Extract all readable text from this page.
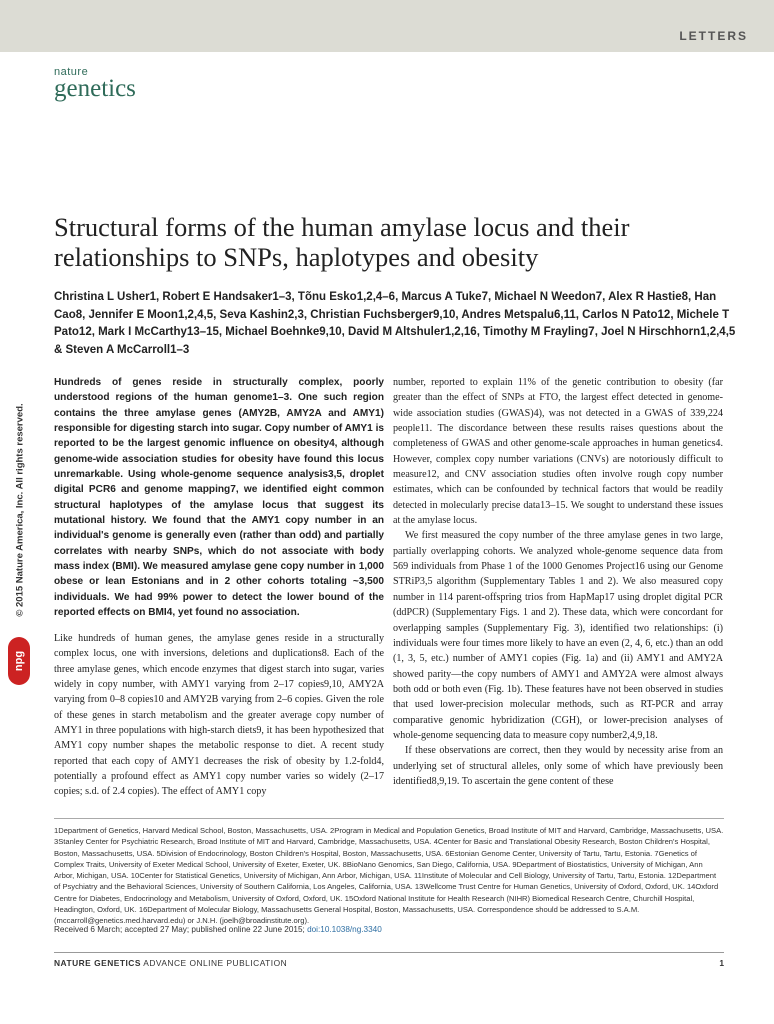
LETTERS
nature
genetics
Structural forms of the human amylase locus and their relationships to SNPs, haplotypes and obesity
Christina L Usher1, Robert E Handsaker1–3, Tõnu Esko1,2,4–6, Marcus A Tuke7, Michael N Weedon7, Alex R Hastie8, Han Cao8, Jennifer E Moon1,2,4,5, Seva Kashin2,3, Christian Fuchsberger9,10, Andres Metspalu6,11, Carlos N Pato12, Michele T Pato12, Mark I McCarthy13–15, Michael Boehnke9,10, David M Altshuler1,2,16, Timothy M Frayling7, Joel N Hirschhorn1,2,4,5 & Steven A McCarroll1–3
© 2015 Nature America, Inc. All rights reserved.
npg

Hundreds of genes reside in structurally complex, poorly understood regions of the human genome1–3. One such region contains the three amylase genes (AMY2B, AMY2A and AMY1) responsible for digesting starch into sugar. Copy number of AMY1 is reported to be the largest genomic influence on obesity4, although genome-wide association studies for obesity have found this locus unremarkable. Using whole-genome sequence analysis3,5, droplet digital PCR6 and genome mapping7, we identified eight common structural haplotypes of the amylase locus that suggest its mutational history. We found that the AMY1 copy number in an individual's genome is generally even (rather than odd) and partially correlates with nearby SNPs, which do not associate with body mass index (BMI). We measured amylase gene copy number in 1,000 obese or lean Estonians and in 2 other cohorts totaling ~3,500 individuals. We had 99% power to detect the lower bound of the reported effects on BMI4, yet found no association.

Like hundreds of human genes, the amylase genes reside in a structurally complex locus, one with inversions, deletions and duplications8. Each of the three amylase genes, which encode enzymes that digest starch into sugar, varies widely in copy number, with AMY1 varying from 2–17 copies9,10, AMY2A varying from 0–8 copies10 and AMY2B varying from 2–6 copies. Given the role of these genes in starch metabolism and the greater average copy number of AMY1 in three populations with high-starch diets9, it has been hypothesized that AMY1 copy number shapes the metabolic response to diet. A recent study reported that each copy of AMY1 decreases the risk of obesity by 1.2-fold4, potentially a profound effect as AMY1 copy number varies so widely (2–17 copies; s.d. of 2.4 copies). The effect of AMY1 copy

number, reported to explain 11% of the genetic contribution to obesity (far greater than the effect of SNPs at FTO, the largest effect detected in genome-wide association studies (GWAS)4), was not detected in a GWAS of 339,224 people11. The discordance between these results raises questions about the completeness of GWAS and other genome-scale approaches in human genetics4. However, complex copy number variations (CNVs) are notoriously difficult to measure12, and CNV association studies often involve rough copy number estimates, which can be confounded by technical factors that would be readily detected in molecularly precise data13–15. We sought to understand these issues at the amylase locus.

We first measured the copy number of the three amylase genes in two large, partially overlapping cohorts. We analyzed whole-genome sequence data from 569 individuals from Phase 1 of the 1000 Genomes Project16 using our Genome STRiP3,5 algorithm (Supplementary Tables 1 and 2). We also measured copy number in 114 parent-offspring trios from HapMap17 using droplet digital PCR (ddPCR) (Supplementary Figs. 1 and 2). These data, which were concordant for overlapping samples (Supplementary Fig. 3), identified two relationships: (i) individuals were four times more likely to have an even (2, 4, 6, etc.) than an odd (1, 3, 5, etc.) number of AMY1 copies (Fig. 1a) and (ii) AMY1 and AMY2A showed parity—the copy numbers of AMY1 and AMY2A were almost always both odd or both even (Fig. 1b). These features have not been observed in studies that used lower-precision molecular methods, such as RT-PCR and array comparative genomic hybridization (CGH), or lower-precision analyses of whole-genome sequencing data to measure copy number2,4,9,18.

If these observations are correct, then they would by necessity arise from an underlying set of structural alleles, only some of which have previously been identified8,9,19. To ascertain the gene content of these

1Department of Genetics, Harvard Medical School, Boston, Massachusetts, USA. 2Program in Medical and Population Genetics, Broad Institute of MIT and Harvard, Cambridge, Massachusetts, USA. 3Stanley Center for Psychiatric Research, Broad Institute of MIT and Harvard, Cambridge, Massachusetts, USA. 4Center for Basic and Translational Obesity Research, Boston Children's Hospital, Boston, Massachusetts, USA. 5Division of Endocrinology, Boston Children's Hospital, Boston, Massachusetts, USA. 6Estonian Genome Center, University of Tartu, Tartu, Estonia. 7Genetics of Complex Traits, University of Exeter Medical School, University of Exeter, Exeter, UK. 8BioNano Genomics, San Diego, California, USA. 9Department of Biostatistics, University of Michigan, Ann Arbor, Michigan, USA. 10Center for Statistical Genetics, University of Michigan, Ann Arbor, Michigan, USA. 11Institute of Molecular and Cell Biology, University of Tartu, Tartu, Estonia. 12Department of Psychiatry and the Behavioral Sciences, University of Southern California, Los Angeles, California, USA. 13Wellcome Trust Centre for Human Genetics, University of Oxford, Oxford, UK. 14Oxford Centre for Diabetes, Endocrinology and Metabolism, University of Oxford, Oxford, UK. 15Oxford National Institute for Health Research (NIHR) Biomedical Research Centre, Churchill Hospital, Headington, Oxford, UK. 16Department of Molecular Biology, Massachusetts General Hospital, Boston, Massachusetts, USA. Correspondence should be addressed to S.A.M. (mccarroll@genetics.med.harvard.edu) or J.N.H. (joelh@broadinstitute.org).
Received 6 March; accepted 27 May; published online 22 June 2015; doi:10.1038/ng.3340
NATURE GENETICS ADVANCE ONLINE PUBLICATION	1
